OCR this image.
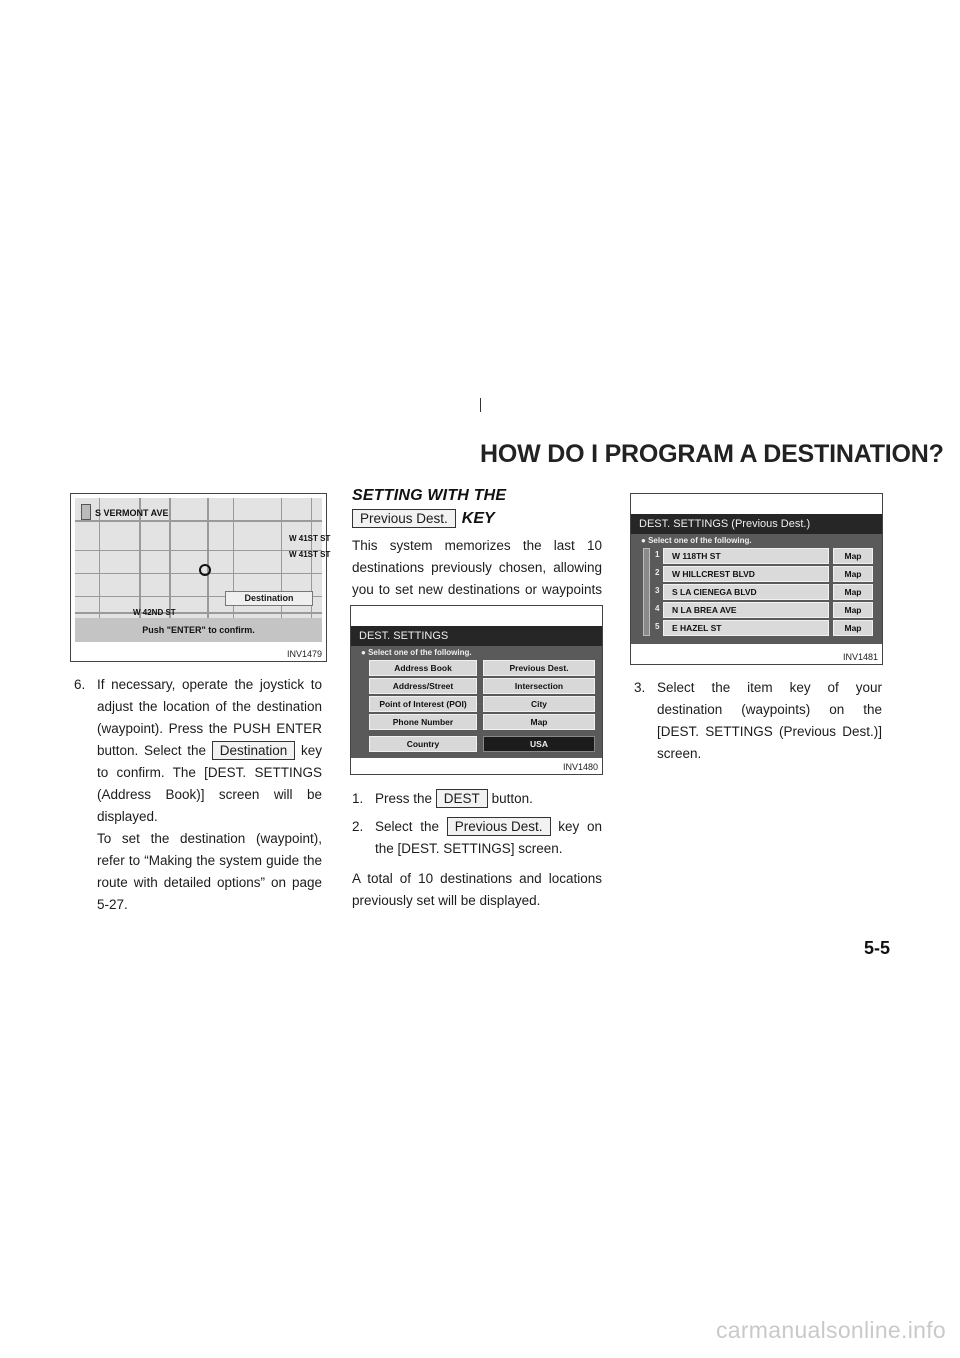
HOW DO I PROGRAM A DESTINATION?
S VERMONT AVE
W 41ST ST
W 41ST ST
W 42ND ST
Destination
Push "ENTER" to confirm.
INV1479
6. If necessary, operate the joystick to adjust the location of the destination (waypoint). Press the PUSH ENTER button. Select the Destination key to confirm. The [DEST. SETTINGS (Address Book)] screen will be displayed.

To set the destination (waypoint), refer to “Making the system guide the route with detailed options” on page 5-27.

SETTING WITH THE
Previous Dest. KEY

This system memorizes the last 10 destinations previously chosen, allowing you to set new destinations or waypoints

DEST. SETTINGS
● Select one of the following.
Address Book	Previous Dest.
Address/Street	Intersection
Point of Interest (POI)	City
Phone Number	Map
Country	USA
INV1480
1. Press the DEST button.

2. Select the Previous Dest. key on the [DEST. SETTINGS] screen.

A total of 10 destinations and locations previously set will be displayed.

DEST. SETTINGS (Previous Dest.)
● Select one of the following.
1	W 118TH ST	Map
2	W HILLCREST BLVD	Map
3	S LA CIENEGA BLVD	Map
4	N LA BREA AVE	Map
5	E HAZEL ST	Map
INV1481
3. Select the item key of your destination (waypoints) on the [DEST. SETTINGS (Previous Dest.)] screen.

5-5
carmanualsonline.info
